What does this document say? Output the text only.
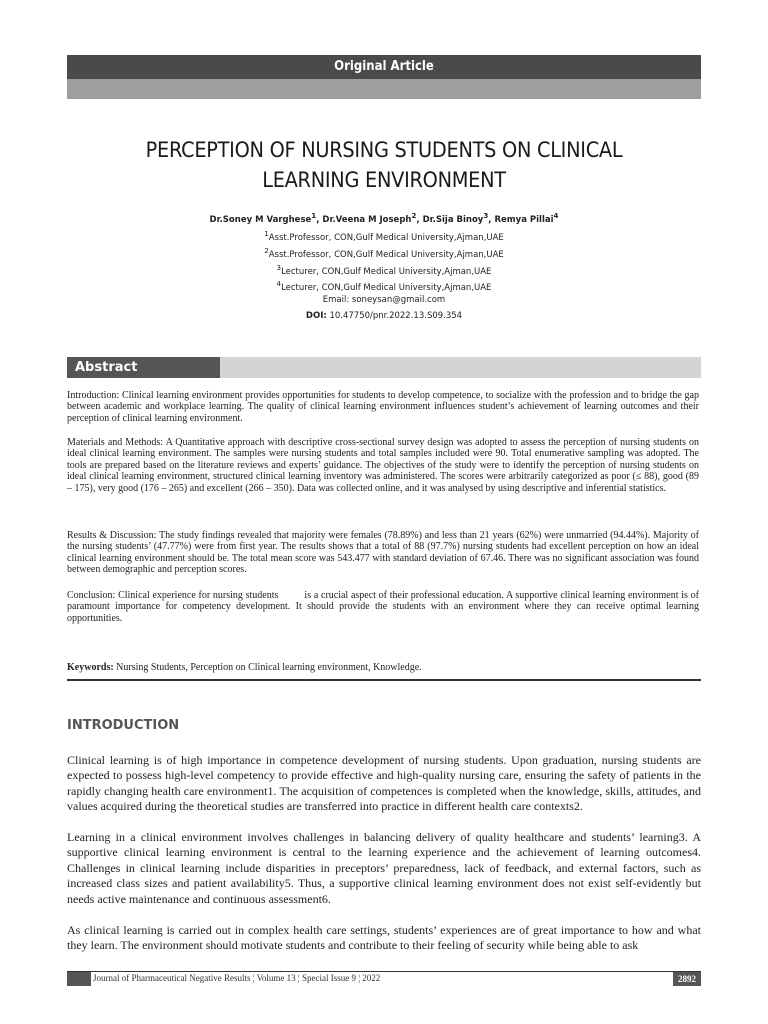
Original Article
PERCEPTION OF NURSING STUDENTS ON CLINICAL
LEARNING ENVIRONMENT
Dr.Soney M Varghese$^1$, Dr.Veena M Joseph$^2$, Dr.Sija Binoy$^3$, Remya Pillai$^4$
$^1$Asst.Professor, CON,Gulf Medical University,Ajman,UAE
$^2$Asst.Professor, CON,Gulf Medical University,Ajman,UAE
$^3$Lecturer, CON,Gulf Medical University,Ajman,UAE
$^4$Lecturer, CON,Gulf Medical University,Ajman,UAE
Email: soneysan@gmail.com
DOI: 10.47750/pnr.2022.13.S09.354
Abstract
Introduction: Clinical learning environment provides opportunities for students to develop competence, to socialize with the profession and to bridge the gap between academic and workplace learning. The quality of clinical learning environment influences student’s achievement of learning outcomes and their perception of clinical learning environment.
Materials and Methods: A Quantitative approach with descriptive cross-sectional survey design was adopted to assess the perception of nursing students on ideal clinical learning environment. The samples were nursing students and total samples included were 90. Total enumerative sampling was adopted. The tools are prepared based on the literature reviews and experts’ guidance. The objectives of the study were to identify the perception of nursing students on ideal clinical learning environment, structured clinical learning inventory was administered. The scores were arbitrarily categorized as poor (≤ 88), good (89 – 175), very good (176 – 265) and excellent (266 – 350). Data was collected online, and it was analysed by using descriptive and inferential statistics.
Results & Discussion: The study findings revealed that majority were females (78.89%) and less than 21 years (62%) were unmarried (94.44%). Majority of the nursing students’ (47.77%) were from first year. The results shows that a total of 88 (97.7%) nursing students had excellent perception on how an ideal clinical learning environment should be. The total mean score was 543.477 with standard deviation of 67.46. There was no significant association was found between demographic and perception scores.
Conclusion: Clinical experience for nursing students	is a crucial aspect of their professional education. A supportive clinical learning environment is of paramount importance for competency development. It should provide the students with an environment where they can receive optimal learning opportunities.
Keywords: Nursing Students, Perception on Clinical learning environment, Knowledge.
INTRODUCTION
Clinical learning is of high importance in competence development of nursing students. Upon graduation, nursing students are expected to possess high-level competency to provide effective and high-quality nursing care, ensuring the safety of patients in the rapidly changing health care environment1. The acquisition of competences is completed when the knowledge, skills, attitudes, and values acquired during the theoretical studies are transferred into practice in different health care contexts2.
Learning in a clinical environment involves challenges in balancing delivery of quality healthcare and students’ learning3. A supportive clinical learning environment is central to the learning experience and the achievement of learning outcomes4. Challenges in clinical learning include disparities in preceptors’ preparedness, lack of feedback, and external factors, such as increased class sizes and patient availability5. Thus, a supportive clinical learning environment does not exist self-evidently but needs active maintenance and continuous assessment6.
As clinical learning is carried out in complex health care settings, students’ experiences are of great importance to how and what they learn. The environment should motivate students and contribute to their feeling of security while being able to ask
Journal of Pharmaceutical Negative Results ¦ Volume 13 ¦ Special Issue 9 ¦ 2022	2892
